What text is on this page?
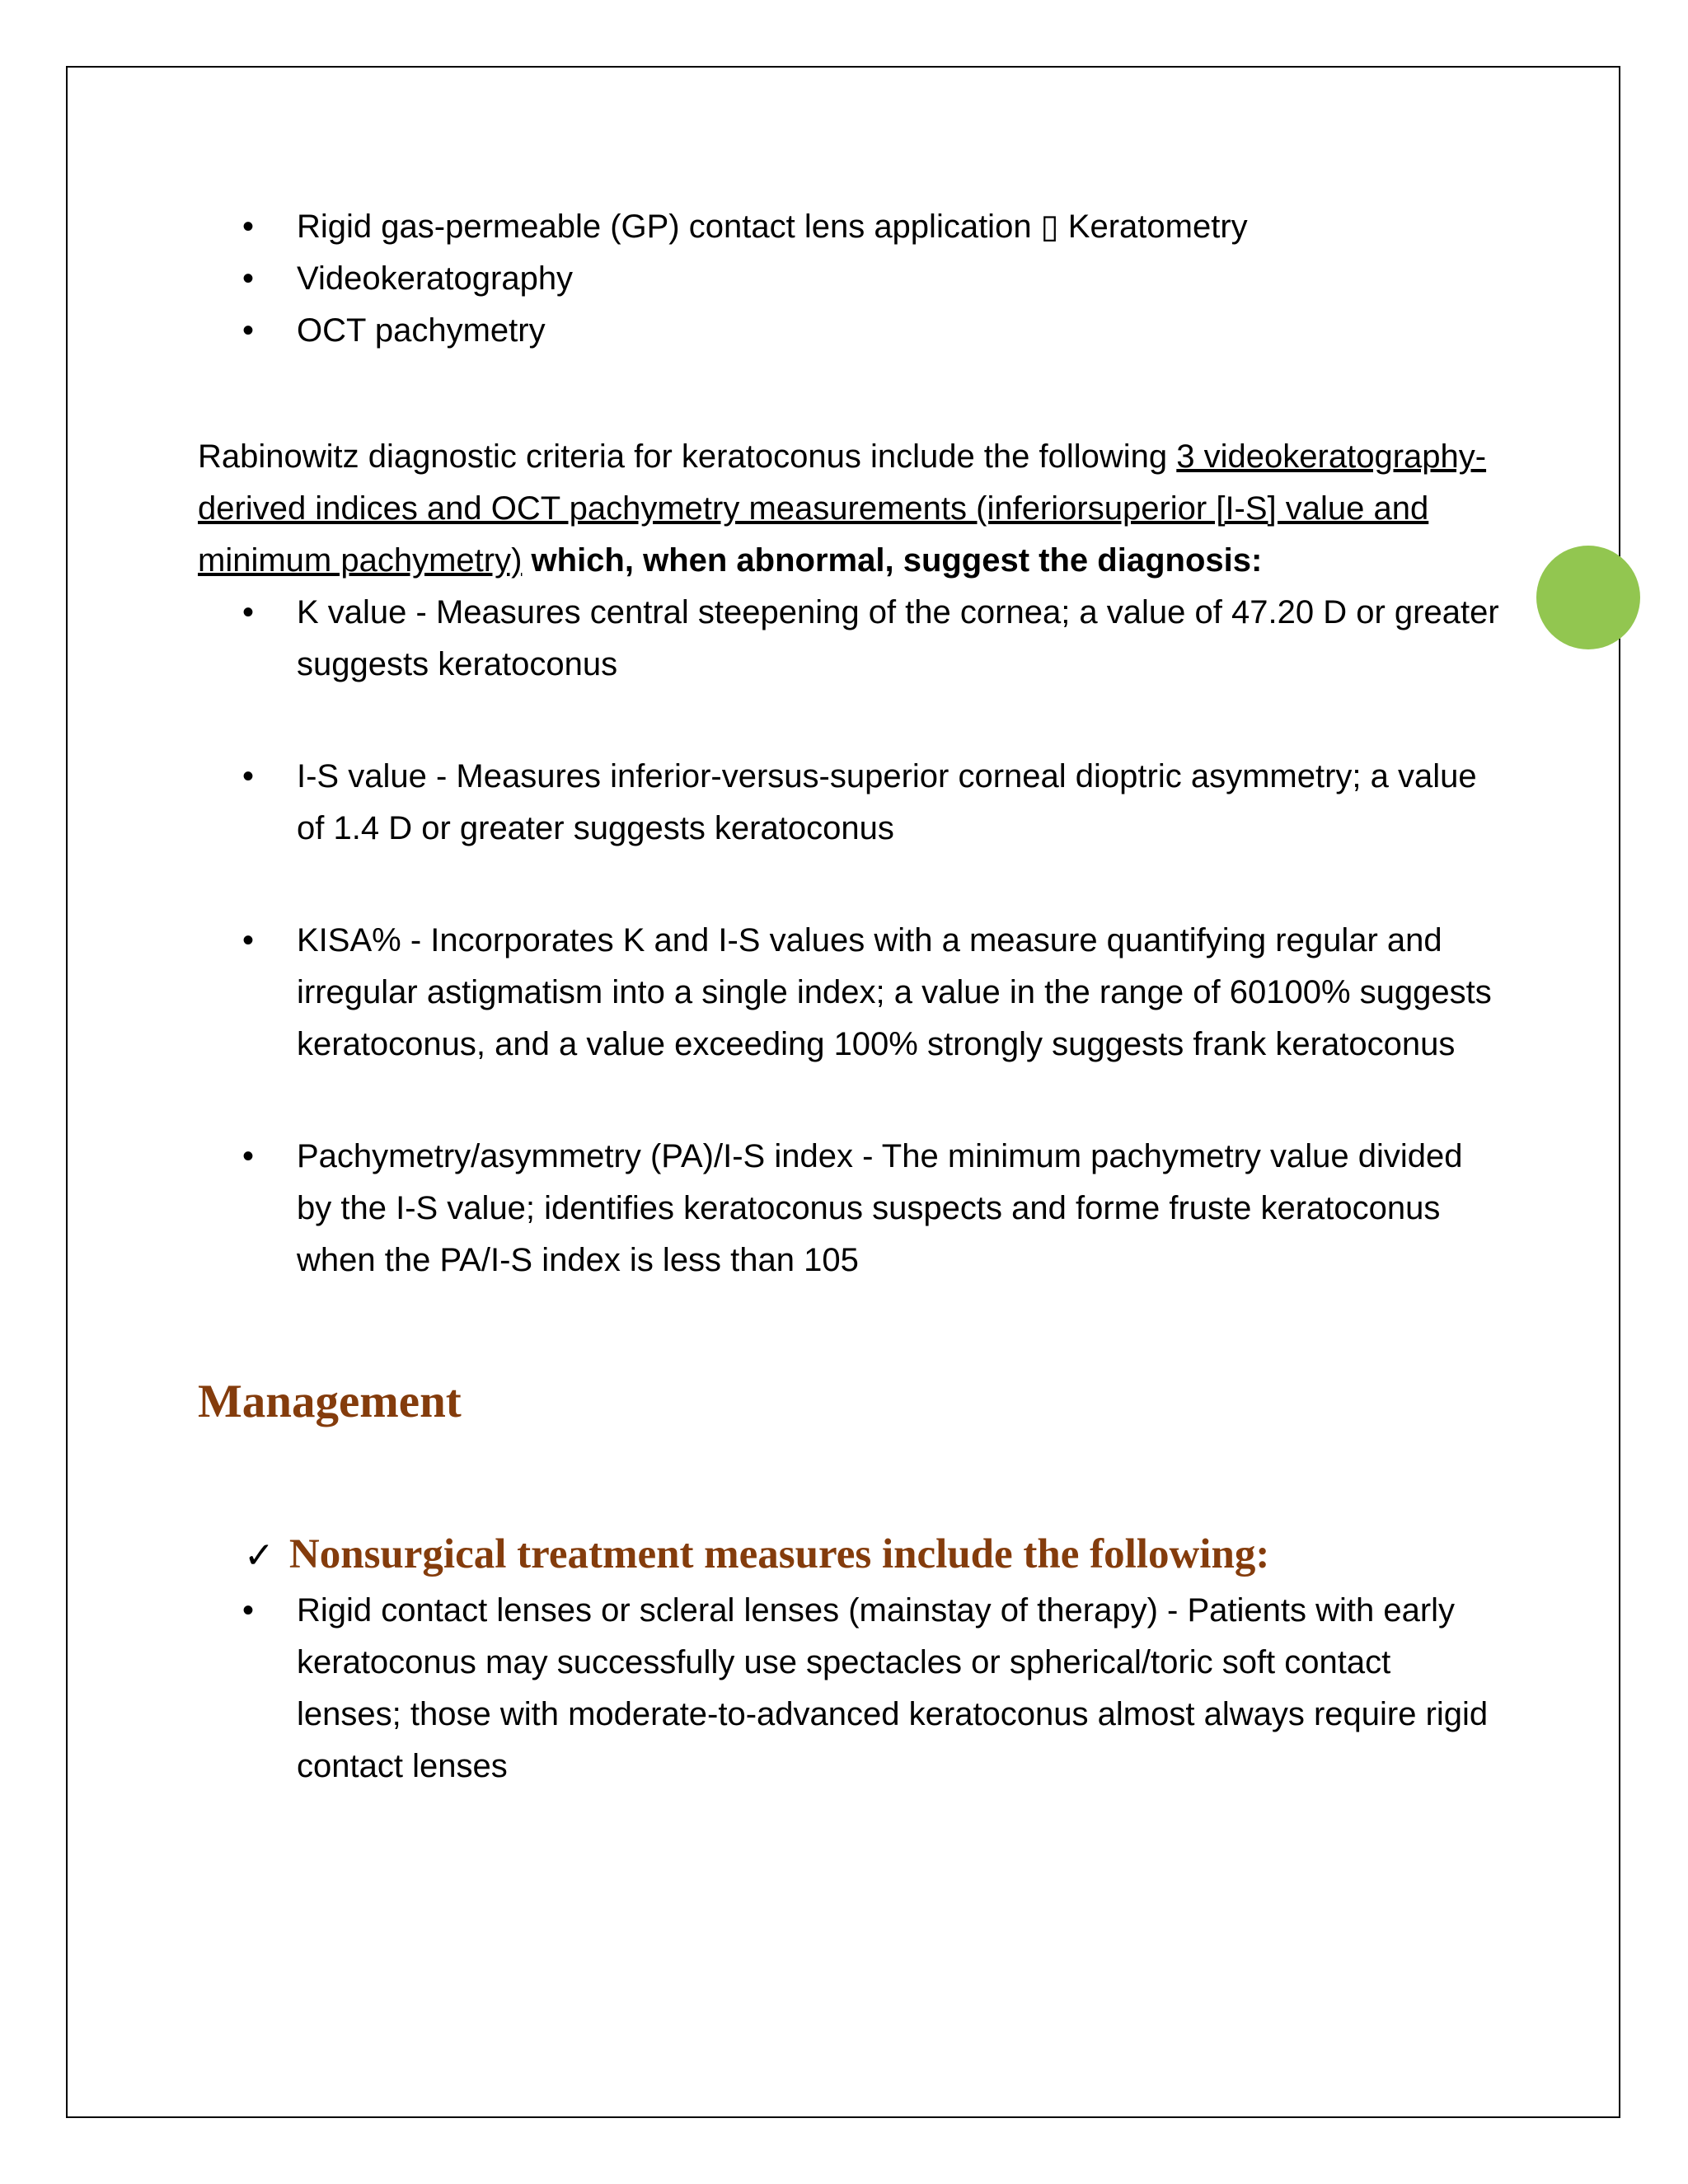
• Rigid gas-permeable (GP) contact lens application ▯ Keratometry
• Videokeratography
• OCT pachymetry

Rabinowitz diagnostic criteria for keratoconus include the following 3 videokeratography-derived indices and OCT pachymetry measurements (inferiorsuperior [I-S] value and minimum pachymetry) which, when abnormal, suggest the diagnosis:

• K value - Measures central steepening of the cornea; a value of 47.20 D or greater suggests keratoconus
• I-S value - Measures inferior-versus-superior corneal dioptric asymmetry; a value of 1.4 D or greater suggests keratoconus
• KISA% - Incorporates K and I-S values with a measure quantifying regular and irregular astigmatism into a single index; a value in the range of 60100% suggests keratoconus, and a value exceeding 100% strongly suggests frank keratoconus
• Pachymetry/asymmetry (PA)/I-S index - The minimum pachymetry value divided by the I-S value; identifies keratoconus suspects and forme fruste keratoconus when the PA/I-S index is less than 105
Management
✓ Nonsurgical treatment measures include the following:
• Rigid contact lenses or scleral lenses (mainstay of therapy) - Patients with early keratoconus may successfully use spectacles or spherical/toric soft contact lenses; those with moderate-to-advanced keratoconus almost always require rigid contact lenses
